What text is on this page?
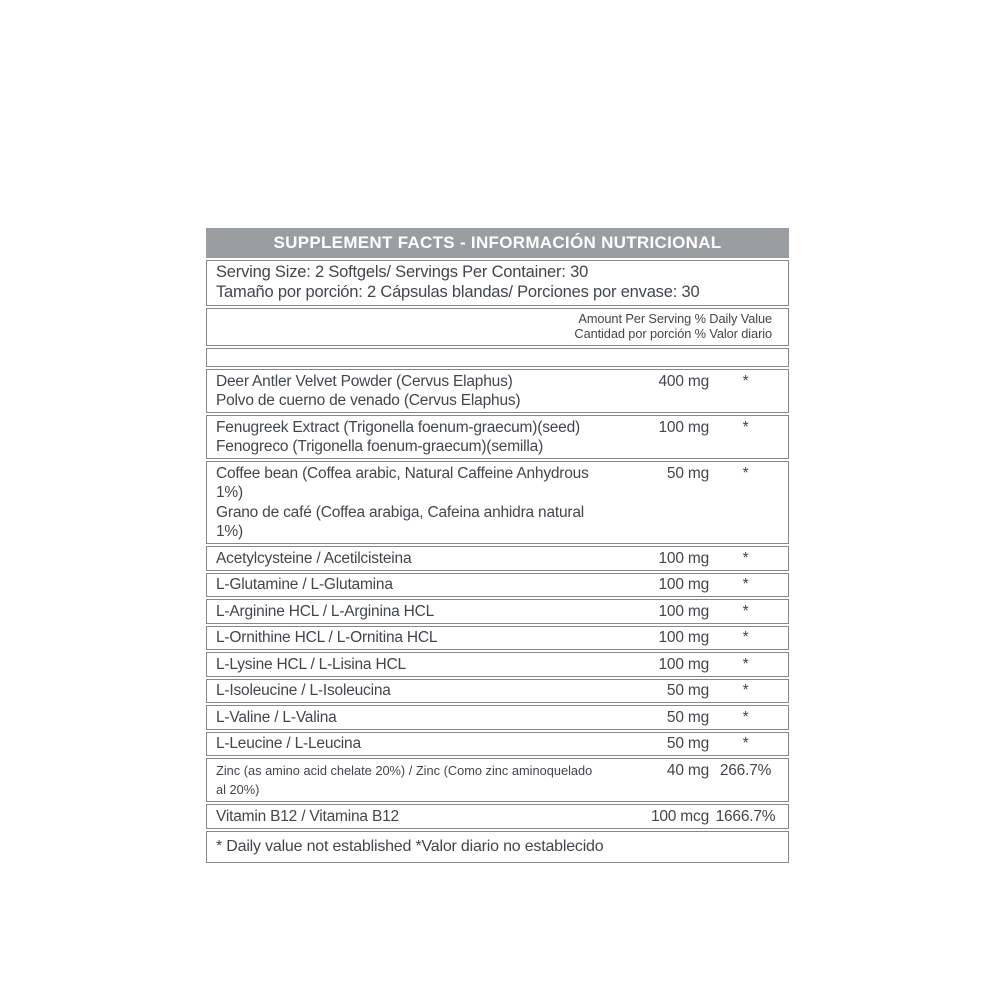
SUPPLEMENT FACTS - INFORMACIÓN NUTRICIONAL
Serving Size: 2 Softgels/ Servings Per Container: 30
Tamaño por porción: 2 Cápsulas blandas/ Porciones por envase: 30
Amount Per Serving % Daily Value
Cantidad por porción % Valor diario
Deer Antler Velvet Powder (Cervus Elaphus)
Polvo de cuerno de venado (Cervus Elaphus)
400 mg	*
Fenugreek Extract (Trigonella foenum-graecum)(seed)
Fenogreco (Trigonella foenum-graecum)(semilla)
100 mg	*
Coffee bean (Coffea arabic, Natural Caffeine Anhydrous 1%)
Grano de café (Coffea arabiga, Cafeina anhidra natural 1%)
50 mg	*
Acetylcysteine / Acetilcisteina	100 mg	*
L-Glutamine / L-Glutamina	100 mg	*
L-Arginine HCL / L-Arginina HCL	100 mg	*
L-Ornithine HCL / L-Ornitina HCL	100 mg	*
L-Lysine HCL / L-Lisina HCL	100 mg	*
L-Isoleucine / L-Isoleucina	50 mg	*
L-Valine / L-Valina	50 mg	*
L-Leucine / L-Leucina	50 mg	*
Zinc (as amino acid chelate 20%) / Zinc (Como zinc aminoquelado al 20%)
40 mg 266.7%
Vitamin B12 / Vitamina B12	100 mcg 1666.7%
* Daily value not established *Valor diario no establecido
